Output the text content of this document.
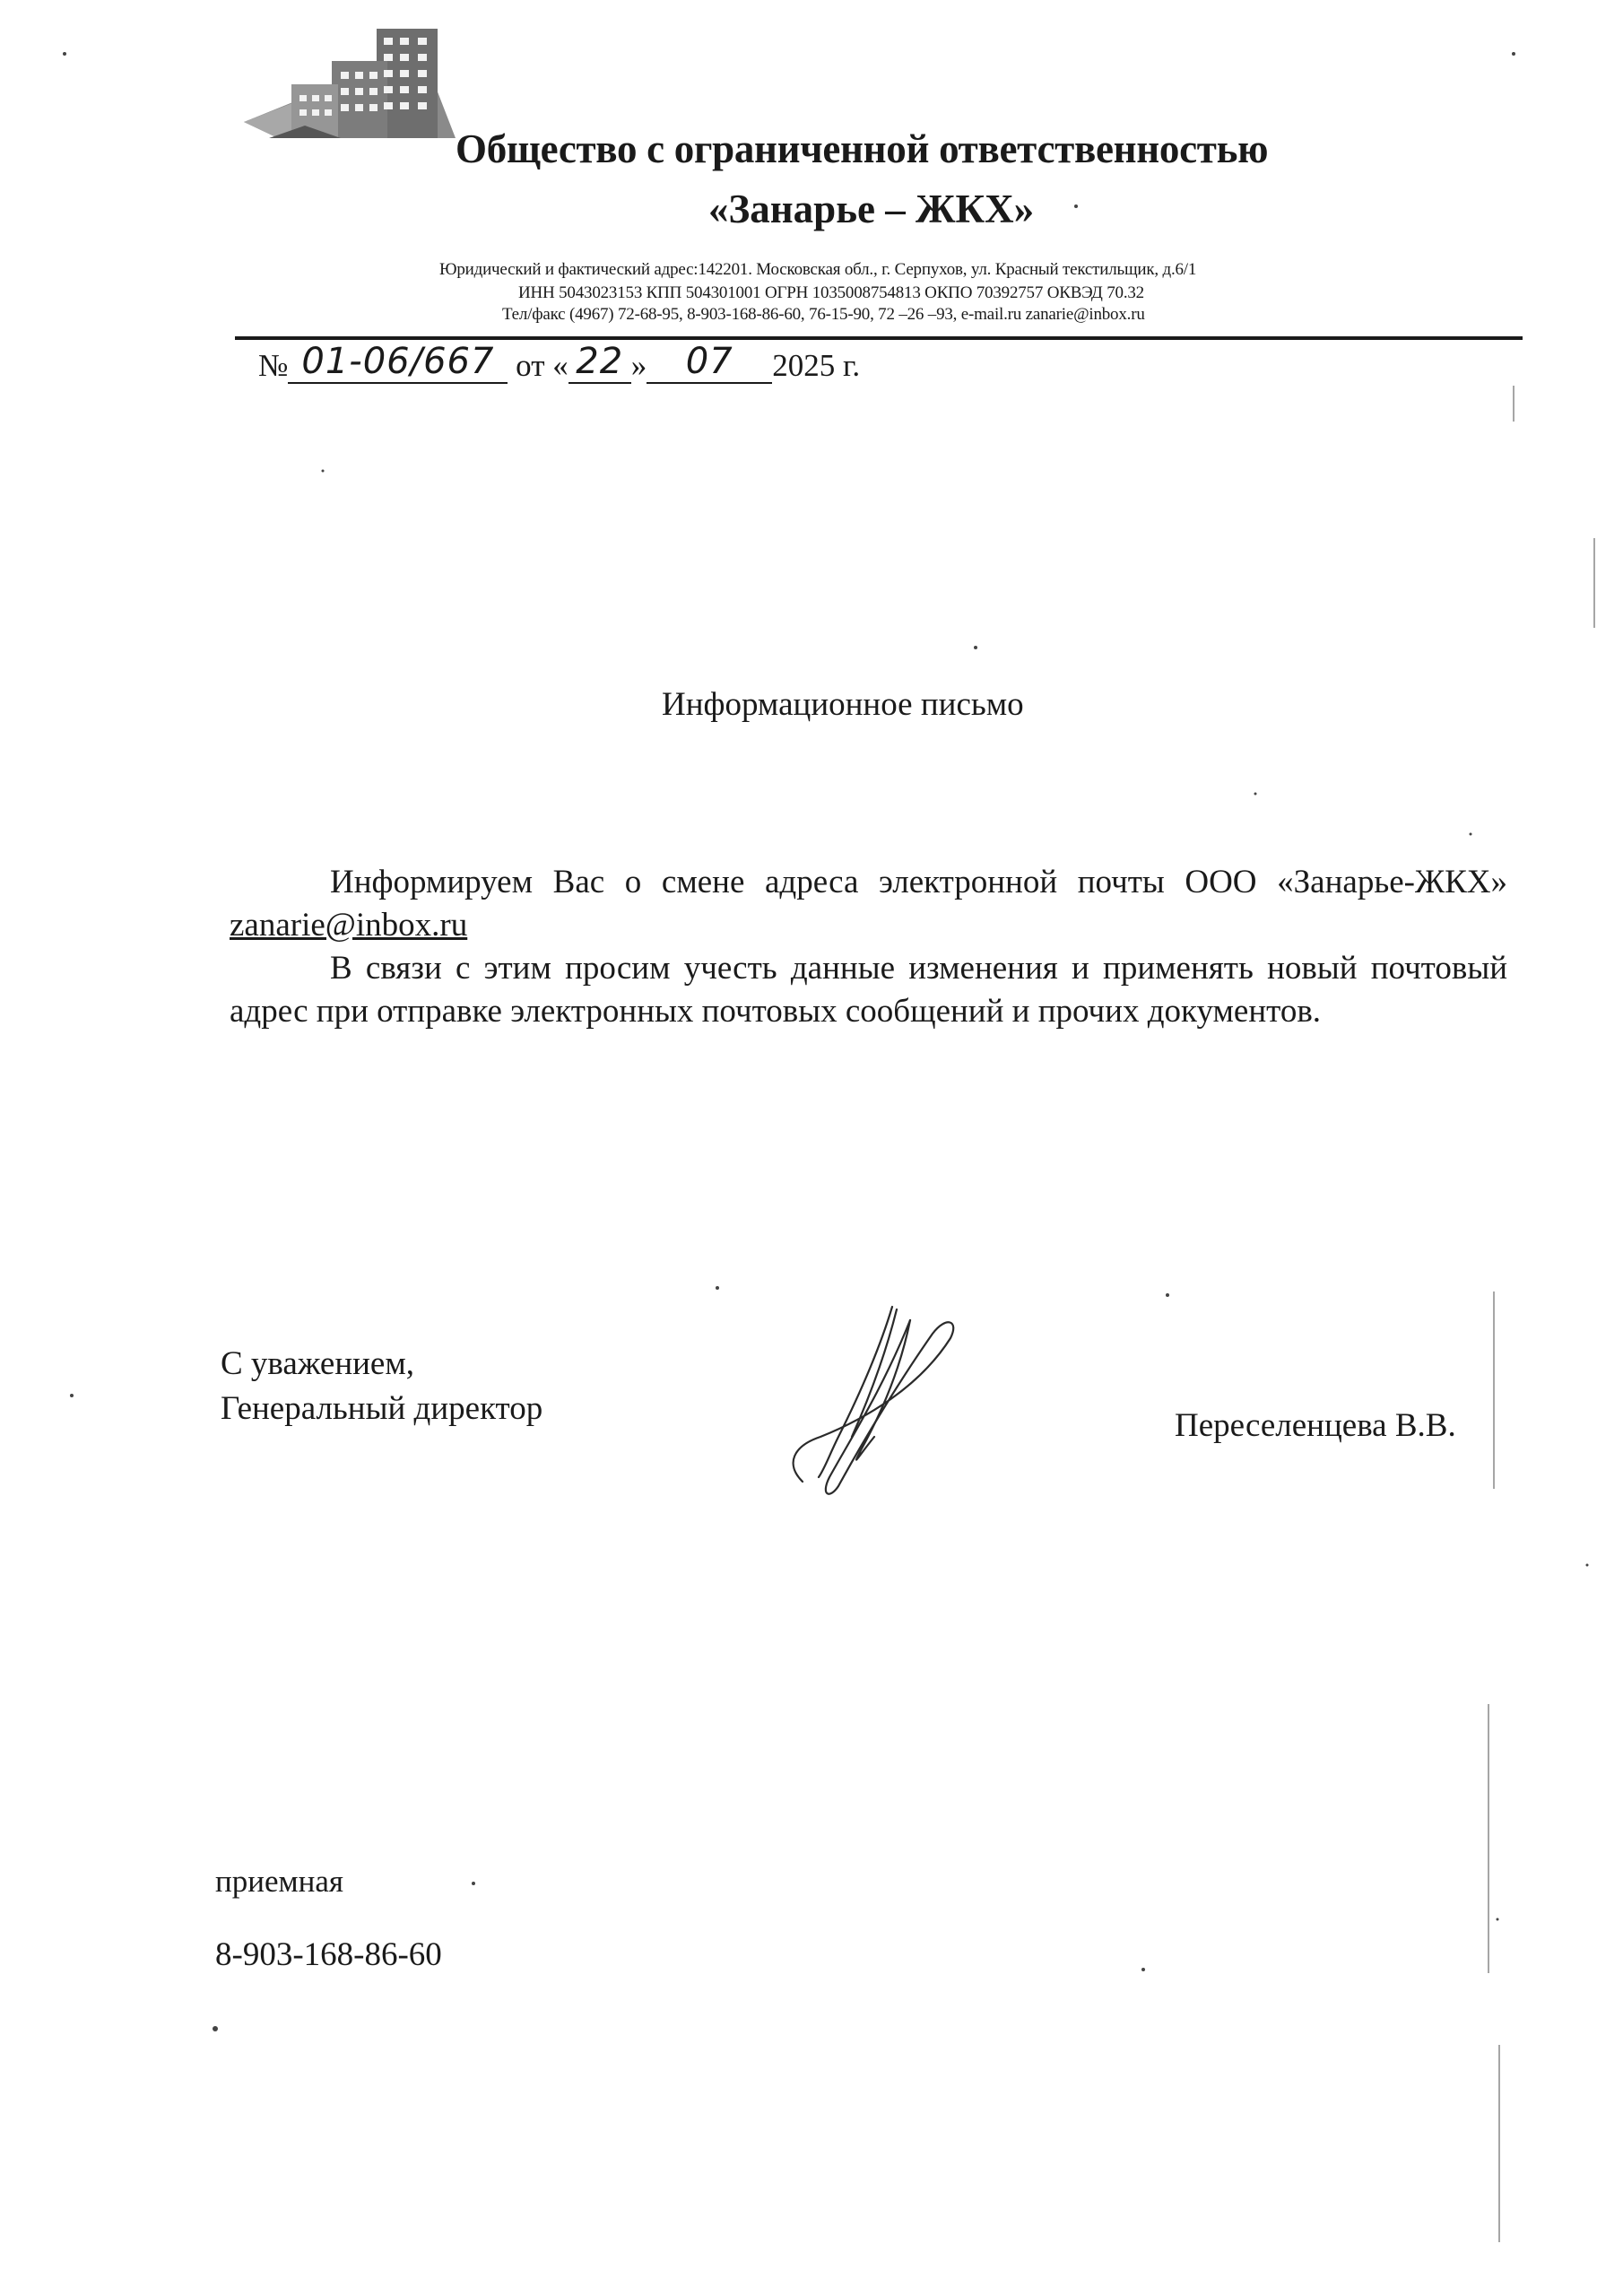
Общество с ограниченной ответственностью
«Занарье – ЖКХ»
Юридический и фактический адрес:142201. Московская обл., г. Серпухов, ул. Красный текстильщик, д.6/1
ИНН 5043023153 КПП 504301001 ОГРН 1035008754813 ОКПО 70392757 ОКВЭД 70.32
Тел/факс (4967) 72-68-95, 8-903-168-86-60, 76-15-90, 72 –26 –93, e-mail.ru zanarie@inbox.ru
№ 01-06/667 от « 22 » 07 2025 г.
Информационное письмо
Информируем Вас о смене адреса электронной почты ООО «Занарье-ЖКХ» zanarie@inbox.ru
В связи с этим просим учесть данные изменения и применять новый почтовый адрес при отправке электронных почтовых сообщений и прочих документов.
С уважением,
Генеральный директор	Переселенцева В.В.
приемная
8-903-168-86-60
